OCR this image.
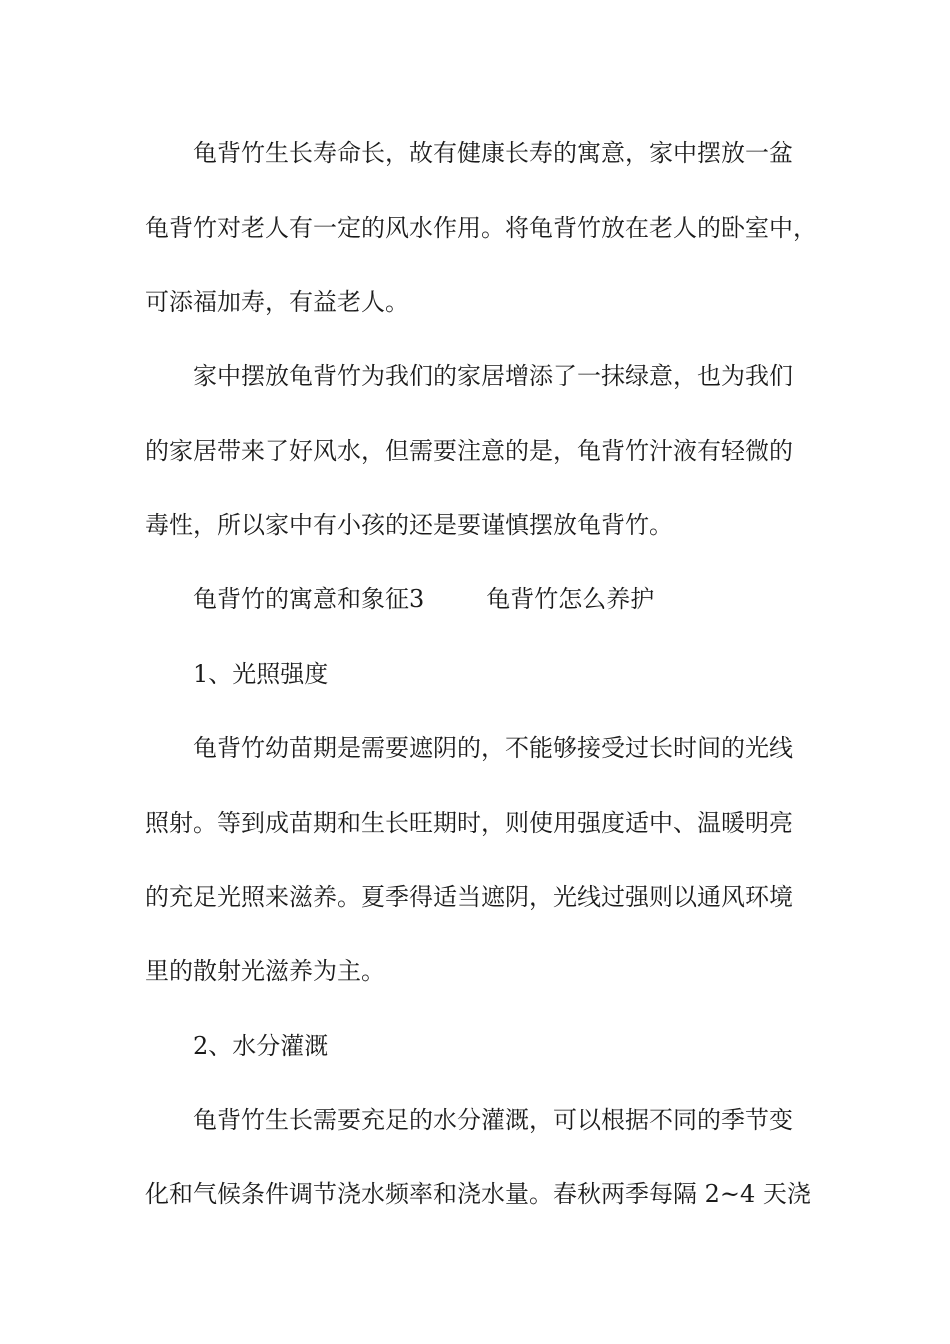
龟背竹生长寿命长，故有健康长寿的寓意，家中摆放一盆
龟背竹对老人有一定的风水作用。将龟背竹放在老人的卧室中，
可添福加寿，有益老人。
家中摆放龟背竹为我们的家居增添了一抹绿意，也为我们
的家居带来了好风水，但需要注意的是，龟背竹汁液有轻微的
毒性，所以家中有小孩的还是要谨慎摆放龟背竹。
龟背竹的寓意和象征3	龟背竹怎么养护
1、光照强度
龟背竹幼苗期是需要遮阴的，不能够接受过长时间的光线
照射。等到成苗期和生长旺期时，则使用强度适中、温暖明亮
的充足光照来滋养。夏季得适当遮阴，光线过强则以通风环境
里的散射光滋养为主。
2、水分灌溉
龟背竹生长需要充足的水分灌溉，可以根据不同的季节变
化和气候条件调节浇水频率和浇水量。春秋两季每隔 2~4 天浇
